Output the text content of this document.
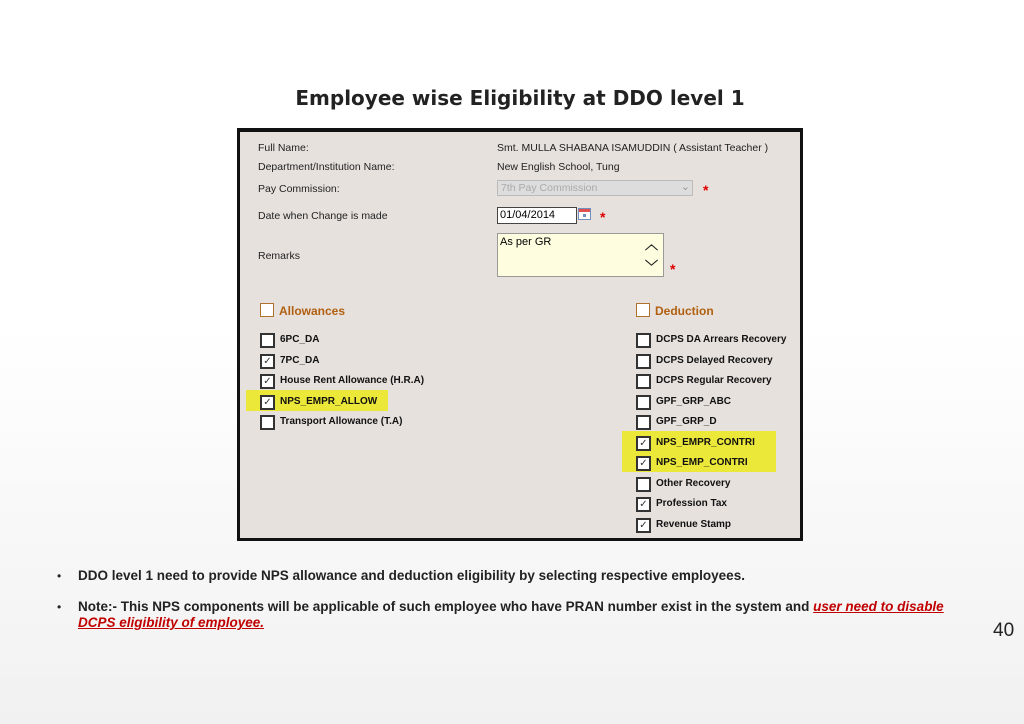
Employee wise Eligibility at DDO level 1
Full Name:	Smt. MULLA SHABANA ISAMUDDIN ( Assistant Teacher )
Department/Institution Name:	New English School, Tung
Pay Commission:	7th Pay Commission	⌄ *
Date when Change is made	01/04/2014	*
Remarks
As per GR	︿
﹀ *
Allowances
6PC_DA
✓ 7PC_DA
✓ House Rent Allowance (H.R.A)
✓ NPS_EMPR_ALLOW
Transport Allowance (T.A)
Deduction
DCPS DA Arrears Recovery
DCPS Delayed Recovery
DCPS Regular Recovery
GPF_GRP_ABC
GPF_GRP_D
✓ NPS_EMPR_CONTRI
✓ NPS_EMP_CONTRI
Other Recovery
✓ Profession Tax
✓ Revenue Stamp
• DDO level 1 need to provide NPS allowance and deduction eligibility by selecting respective employees.
• Note:- This NPS components will be applicable of such employee who have PRAN number exist in the system and user need to disable DCPS eligibility of employee.	40
